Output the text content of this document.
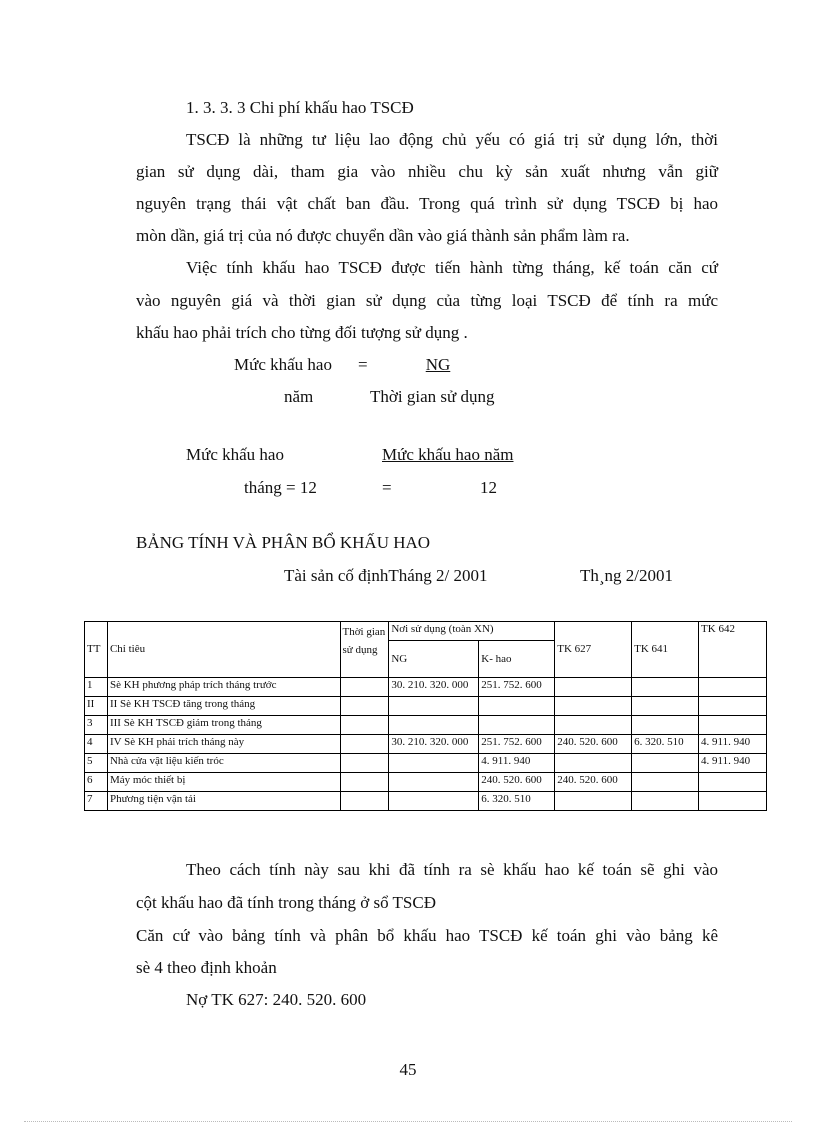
1. 3. 3. 3 Chi phí khấu hao TSCĐ
TSCĐ là những tư liệu lao động chủ yếu có giá trị sử dụng lớn, thời
gian sử dụng dài, tham gia vào nhiều chu kỳ sản xuất nhưng vẫn giữ
nguyên trạng thái vật chất ban đầu. Trong quá trình sử dụng TSCĐ bị hao
mòn dần, giá trị của nó được chuyển dần vào giá thành sản phẩm làm ra.
Việc tính khấu hao TSCĐ được tiến hành từng tháng, kế toán căn cứ
vào nguyên giá và thời gian sử dụng của từng loại TSCĐ để tính ra mức
khấu hao phải trích cho từng đối tượng sử dụng .
Mức khấu hao =	NG
năm	Thời gian sử dụng
Mức khấu hao	Mức khấu hao năm
tháng = 12	=	12
BẢNG TÍNH VÀ PHÂN BỔ KHẤU HAO
Tài sản cố địnhTháng 2/ 2001	Th¸ng 2/2001
TT	Chỉ tiêu	Thời gian sử dụng	Nơi sử dụng (toàn XN)		TK 627	TK 641	TK 642
			NG	K- hao			
1	Sè KH phương pháp trích tháng trước		30. 210. 320. 000	251. 752. 600			
II	II Sè KH TSCĐ tăng trong tháng						
3	III Sè KH TSCĐ giảm trong tháng						
4	IV Sè KH phải trích tháng này		30. 210. 320. 000	251. 752. 600	240. 520. 600	6. 320. 510	4. 911. 940
5	Nhà cửa vật liệu kiến tróc			4. 911. 940			4. 911. 940
6	Máy móc thiết bị			240. 520. 600	240. 520. 600		
7	Phương tiện vận tải			6. 320. 510			
Theo cách tính này sau khi đã tính ra sè khấu hao kế toán sẽ ghi vào
cột khấu hao đã tính trong tháng ở sổ TSCĐ
Căn cứ vào bảng tính và phân bổ khấu hao TSCĐ kế toán ghi vào bảng kê
sè 4 theo định khoản
Nợ TK 627: 240. 520. 600
45
